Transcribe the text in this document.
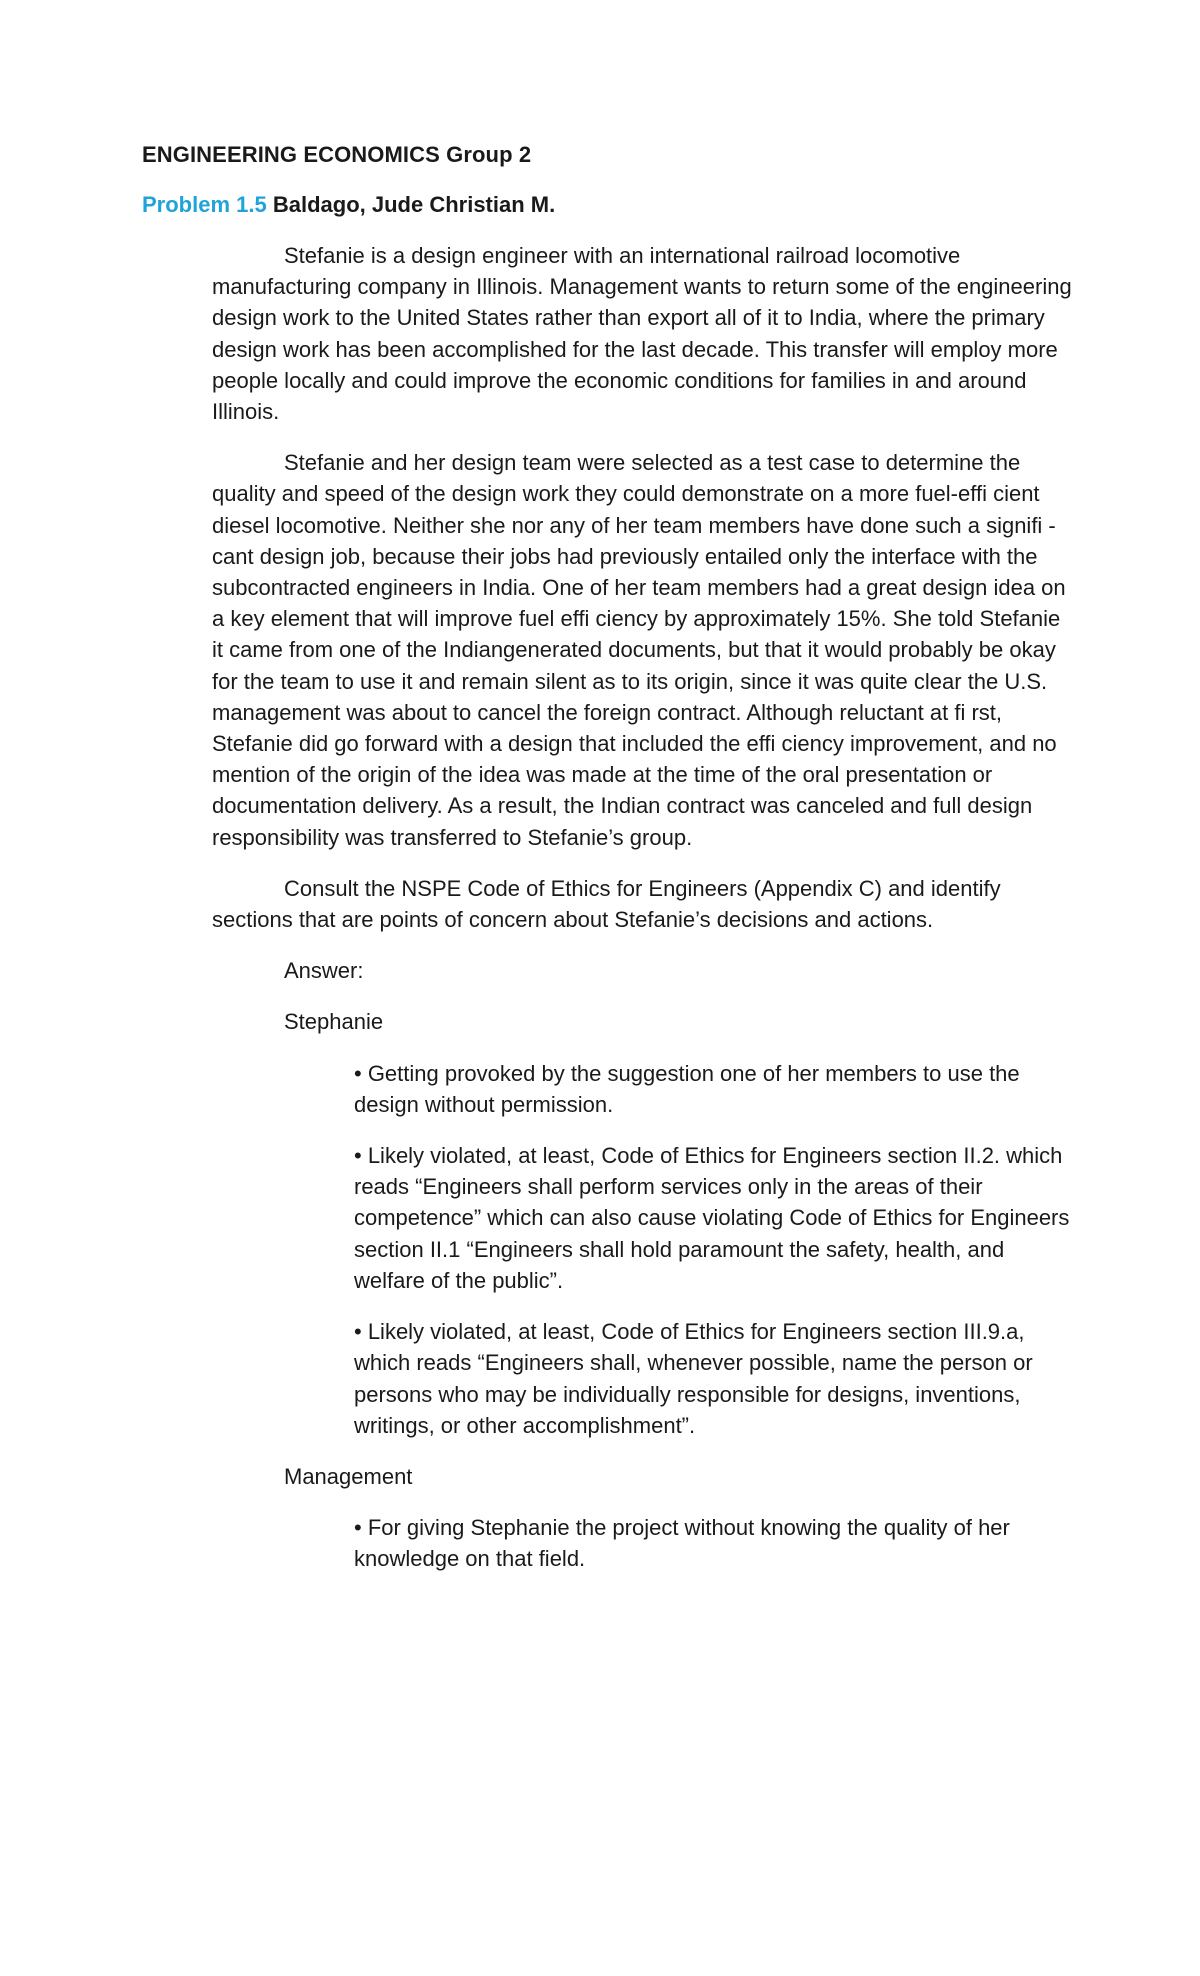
ENGINEERING ECONOMICS Group 2

Problem 1.5 Baldago, Jude Christian M.

Stefanie is a design engineer with an international railroad locomotive manufacturing company in Illinois. Management wants to return some of the engineering design work to the United States rather than export all of it to India, where the primary design work has been accomplished for the last decade. This transfer will employ more people locally and could improve the economic conditions for families in and around Illinois.

Stefanie and her design team were selected as a test case to determine the quality and speed of the design work they could demonstrate on a more fuel-effi cient diesel locomotive. Neither she nor any of her team members have done such a signifi - cant design job, because their jobs had previously entailed only the interface with the subcontracted engineers in India. One of her team members had a great design idea on a key element that will improve fuel effi ciency by approximately 15%. She told Stefanie it came from one of the Indiangenerated documents, but that it would probably be okay for the team to use it and remain silent as to its origin, since it was quite clear the U.S. management was about to cancel the foreign contract. Although reluctant at fi rst, Stefanie did go forward with a design that included the effi ciency improvement, and no mention of the origin of the idea was made at the time of the oral presentation or documentation delivery. As a result, the Indian contract was canceled and full design responsibility was transferred to Stefanie’s group.

Consult the NSPE Code of Ethics for Engineers (Appendix C) and identify sections that are points of concern about Stefanie’s decisions and actions.

Answer:

Stephanie

• Getting provoked by the suggestion one of her members to use the design without permission.

• Likely violated, at least, Code of Ethics for Engineers section II.2. which reads “Engineers shall perform services only in the areas of their competence” which can also cause violating Code of Ethics for Engineers section II.1 “Engineers shall hold paramount the safety, health, and welfare of the public”.

• Likely violated, at least, Code of Ethics for Engineers section III.9.a, which reads “Engineers shall, whenever possible, name the person or persons who may be individually responsible for designs, inventions, writings, or other accomplishment”.

Management

• For giving Stephanie the project without knowing the quality of her knowledge on that field.
